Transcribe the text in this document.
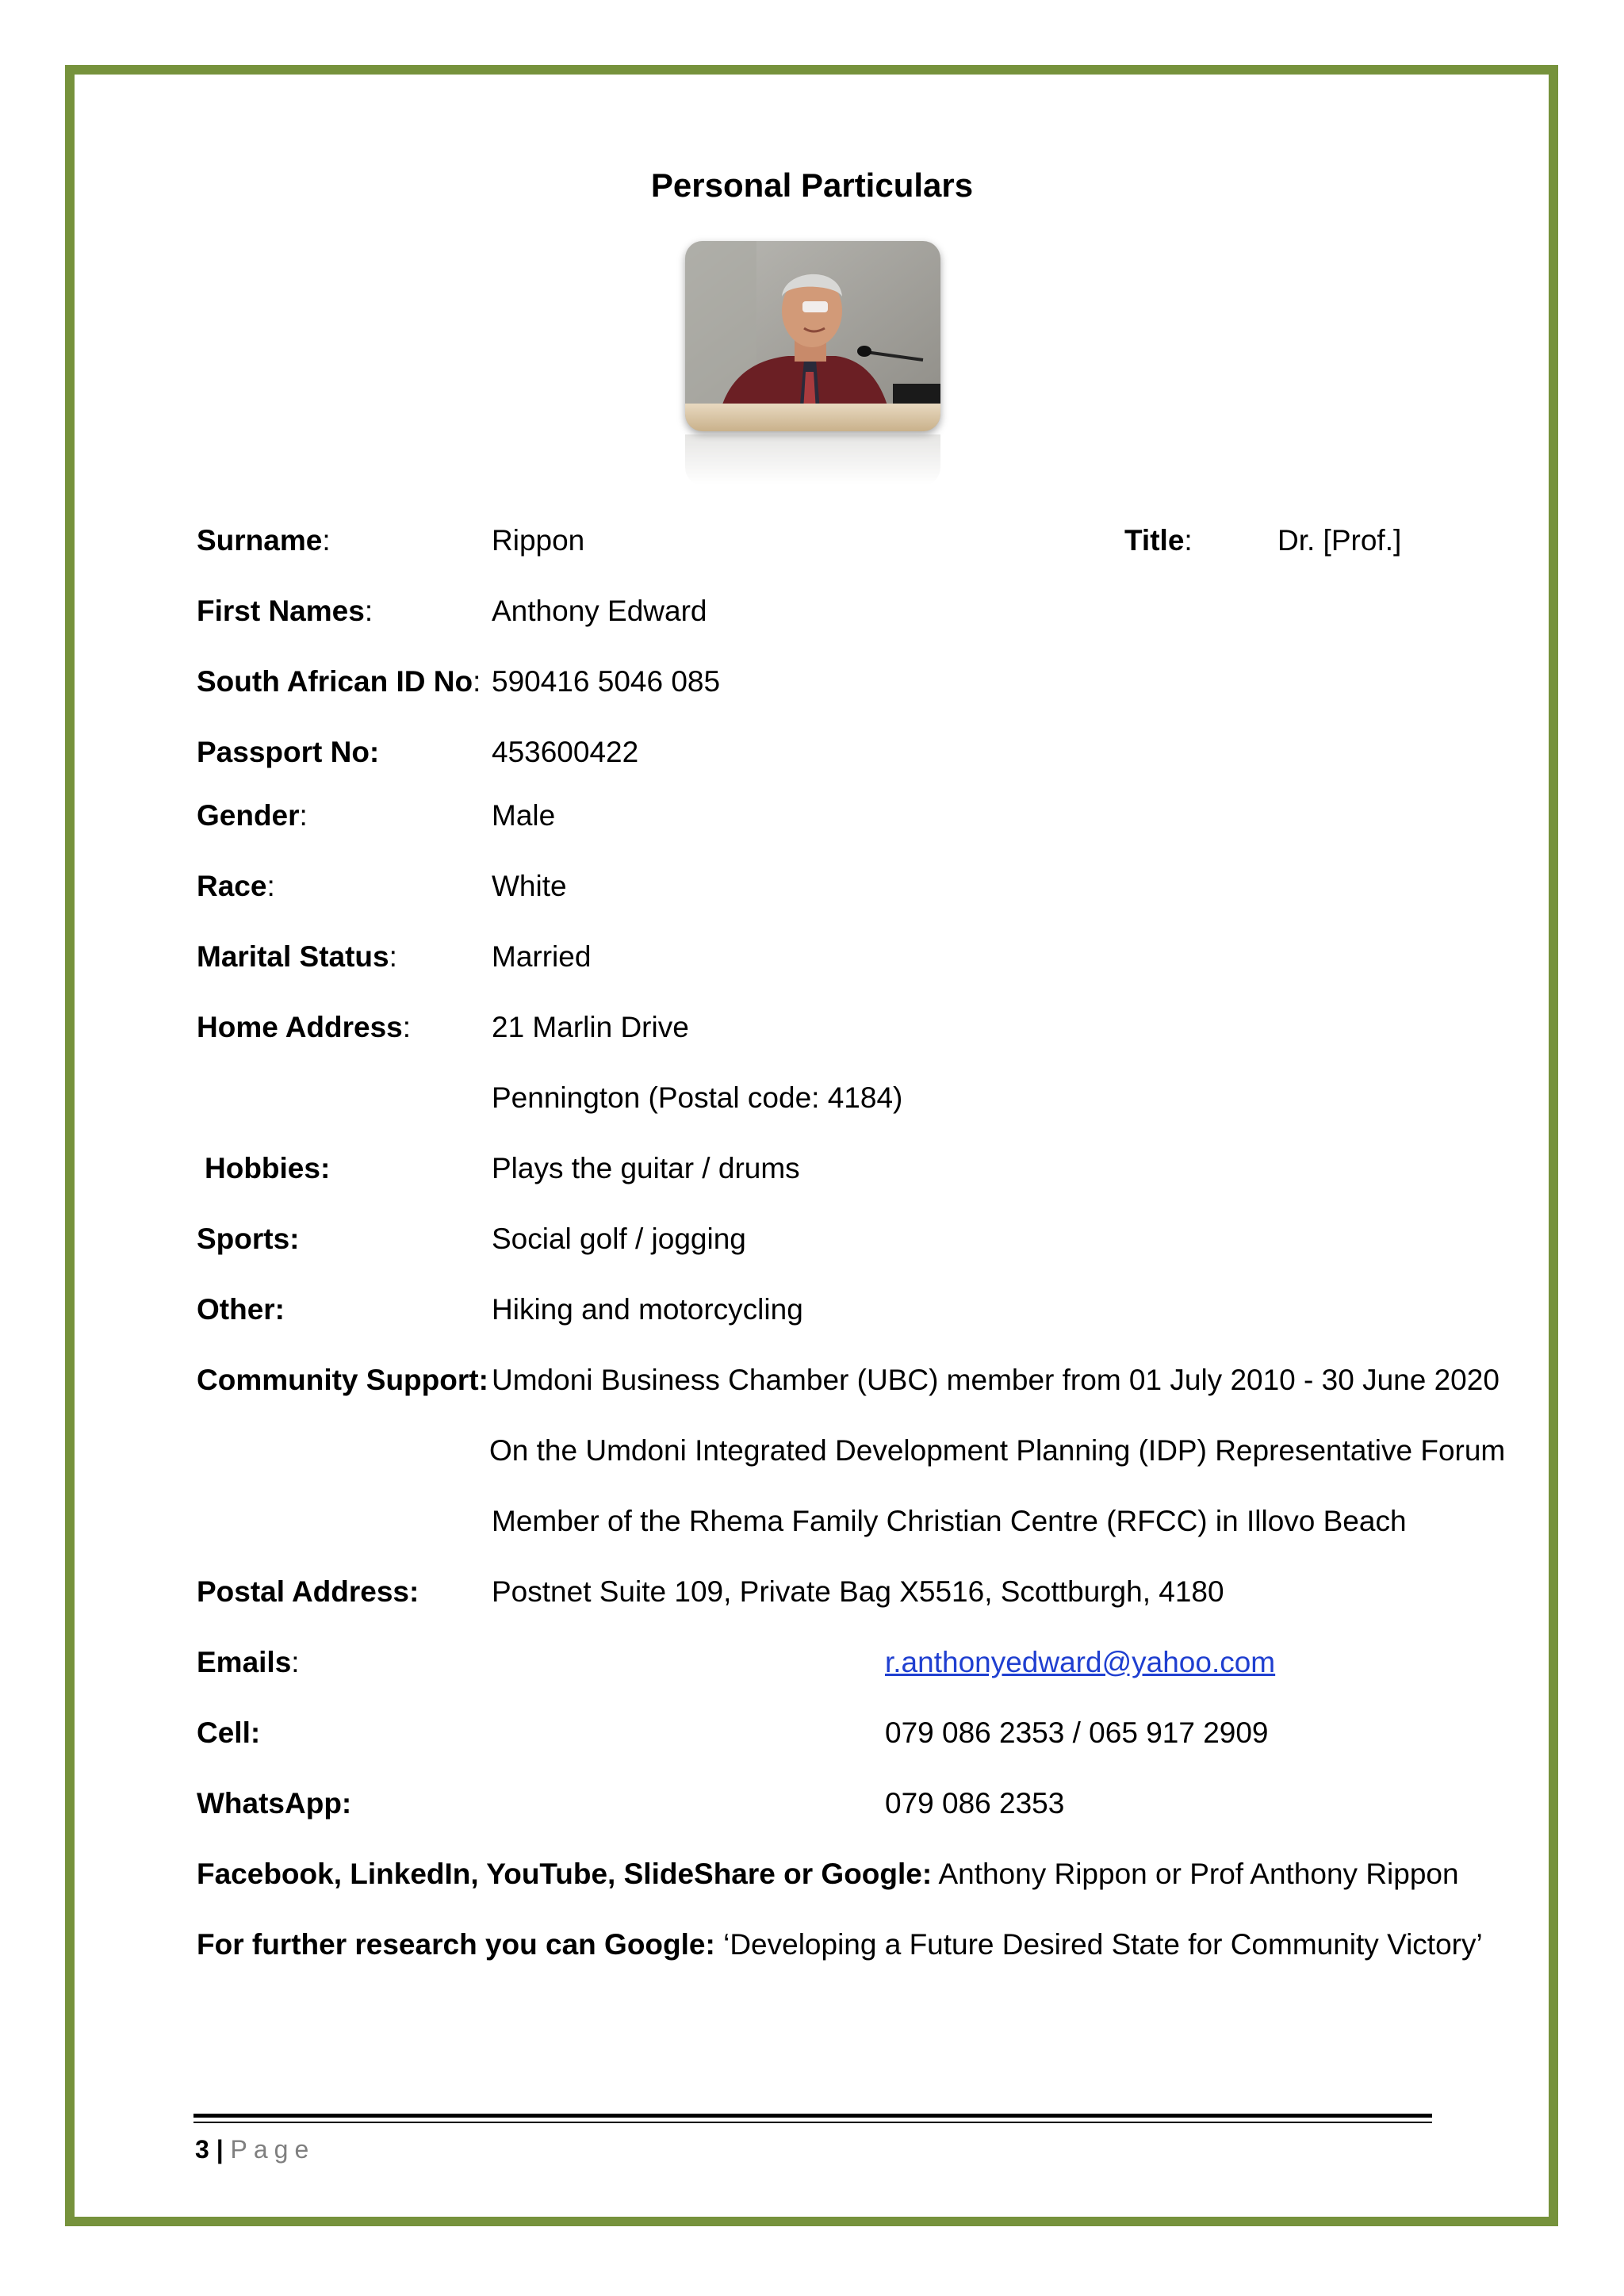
Personal Particulars
Surname:	Rippon	Title:	Dr. [Prof.]
First Names:	Anthony Edward
South African ID No: 590416 5046 085
Passport No:	453600422
Gender:	Male
Race:	White
Marital Status:	Married
Home Address:	21 Marlin Drive
Pennington (Postal code: 4184)
Hobbies:	Plays the guitar / drums
Sports:	Social golf / jogging
Other:	Hiking and motorcycling
Community Support: Umdoni Business Chamber (UBC) member from 01 July 2010 - 30 June 2020
On the Umdoni Integrated Development Planning (IDP) Representative Forum
Member of the Rhema Family Christian Centre (RFCC) in Illovo Beach
Postal Address: Postnet Suite 109, Private Bag X5516, Scottburgh, 4180
Emails:	r.anthonyedward@yahoo.com
Cell:	079 086 2353 / 065 917 2909
WhatsApp:	079 086 2353
Facebook, LinkedIn, YouTube, SlideShare or Google: Anthony Rippon or Prof Anthony Rippon
For further research you can Google: ‘Developing a Future Desired State for Community Victory’
3 | Page
